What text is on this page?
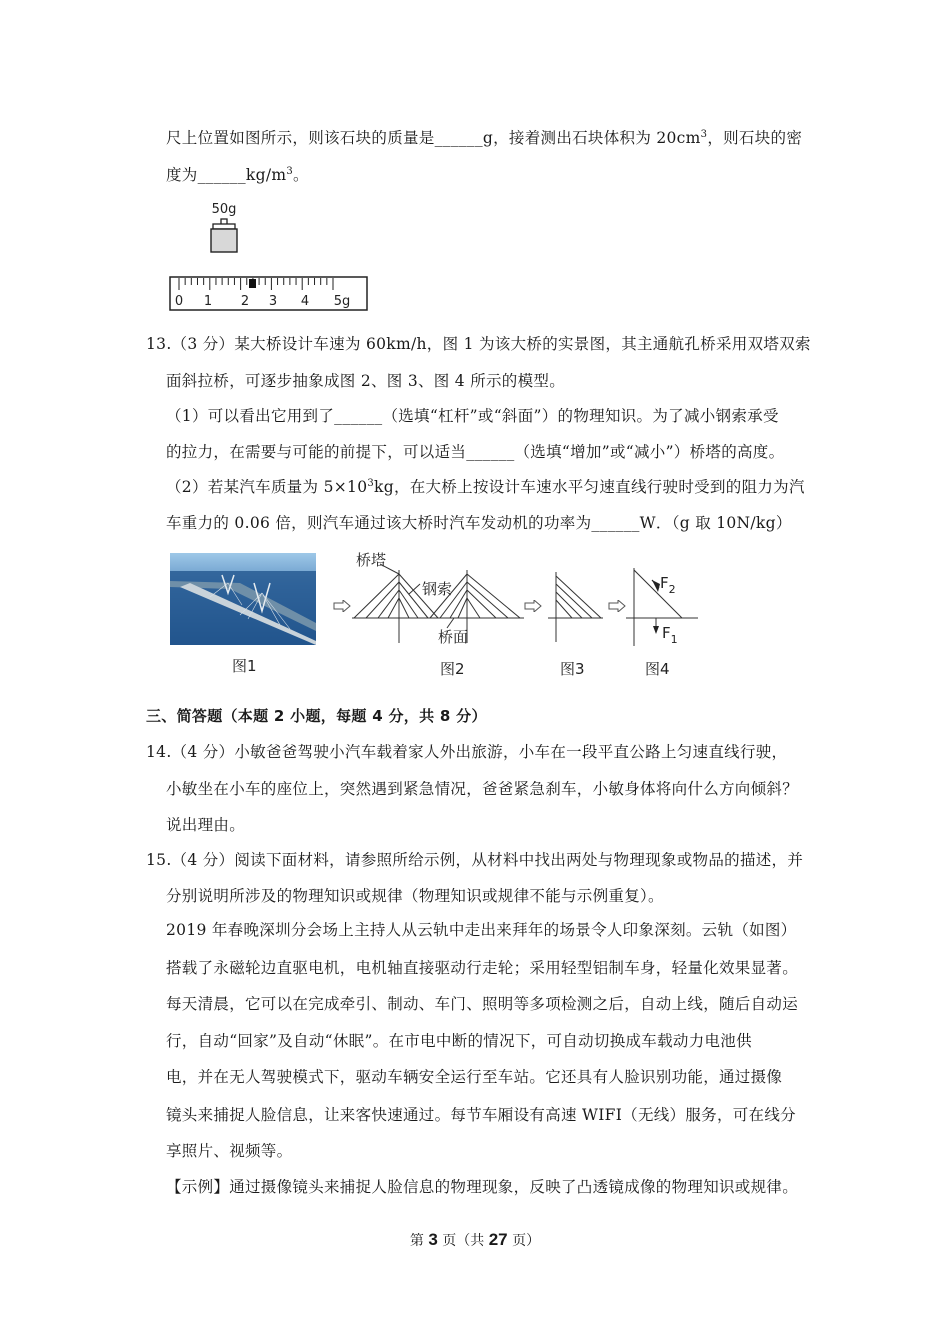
尺上位置如图所示，则该石块的质量是______g，接着测出石块体积为 $20cm^3$，则石块的密
度为$\_\_\_\_\_\_kg/m^3$。
50g
0 1 2 3 4 5g
13.（3 分）某大桥设计车速为 60km/h，图 1 为该大桥的实景图，其主通航孔桥采用双塔双索
面斜拉桥，可逐步抽象成图 2、图 3、图 4 所示的模型。
（1）可以看出它用到了______（选填“杠杆”或“斜面”）的物理知识。为了减小钢索承受
的拉力，在需要与可能的前提下，可以适当______（选填“增加”或“减小”）桥塔的高度。
（2）若某汽车质量为 $5\times 10^3kg$，在大桥上按设计车速水平匀速直线行驶时受到的阻力为汽
车重力的 0.06 倍，则汽车通过该大桥时汽车发动机的功率为______W．（g 取 10N/kg）
图1
桥塔
钢索
桥面
图2	图3
$F_2$
$F_1$
图4
三、简答题（本题 2 小题，每题 4 分，共 8 分）
14.（4 分）小敏爸爸驾驶小汽车载着家人外出旅游，小车在一段平直公路上匀速直线行驶，
小敏坐在小车的座位上，突然遇到紧急情况，爸爸紧急刹车，小敏身体将向什么方向倾斜？
说出理由。
15.（4 分）阅读下面材料，请参照所给示例，从材料中找出两处与物理现象或物品的描述，并
分别说明所涉及的物理知识或规律（物理知识或规律不能与示例重复）。
2019 年春晚深圳分会场上主持人从云轨中走出来拜年的场景令人印象深刻。云轨（如图）
搭载了永磁轮边直驱电机，电机轴直接驱动行走轮；采用轻型铝制车身，轻量化效果显著。
每天清晨，它可以在完成牵引、制动、车门、照明等多项检测之后，自动上线，随后自动运
行，自动“回家”及自动“休眠”。在市电中断的情况下，可自动切换成车载动力电池供
电，并在无人驾驶模式下，驱动车辆安全运行至车站。它还具有人脸识别功能，通过摄像
镜头来捕捉人脸信息，让来客快速通过。每节车厢设有高速 WIFI（无线）服务，可在线分
享照片、视频等。
【示例】通过摄像镜头来捕捉人脸信息的物理现象，反映了凸透镜成像的物理知识或规律。
第 3 页（共 27 页）
